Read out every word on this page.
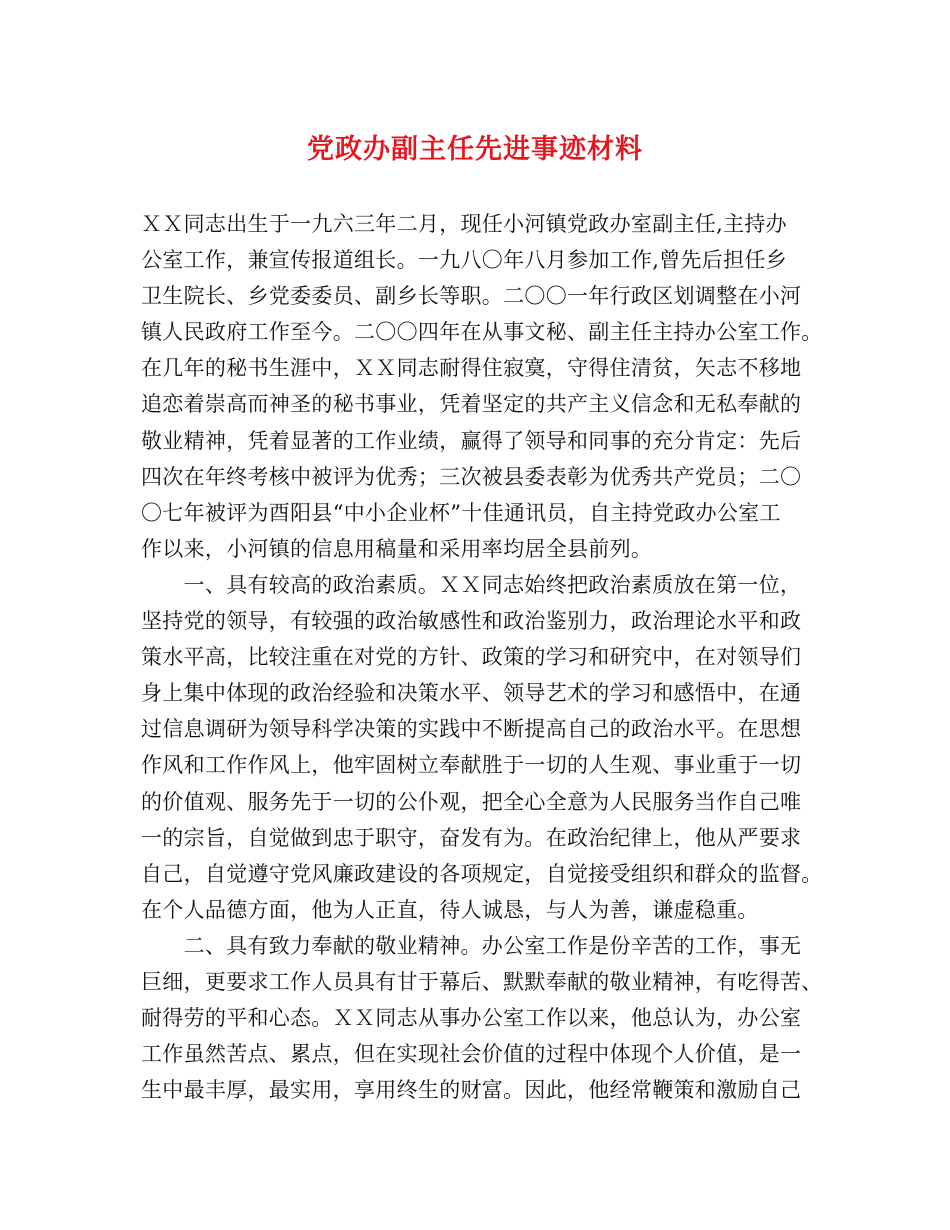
党政办副主任先进事迹材料
ＸＸ同志出生于一九六三年二月，现任小河镇党政办室副主任,主持办
公室工作，兼宣传报道组长。一九八〇年八月参加工作,曾先后担任乡
卫生院长、乡党委委员、副乡长等职。二〇〇一年行政区划调整在小河
镇人民政府工作至今。二〇〇四年在从事文秘、副主任主持办公室工作。
在几年的秘书生涯中，ＸＸ同志耐得住寂寞，守得住清贫，矢志不移地
追恋着崇高而神圣的秘书事业，凭着坚定的共产主义信念和无私奉献的
敬业精神，凭着显著的工作业绩，赢得了领导和同事的充分肯定：先后
四次在年终考核中被评为优秀；三次被县委表彰为优秀共产党员；二〇
〇七年被评为酉阳县“中小企业杯”十佳通讯员，自主持党政办公室工
作以来，小河镇的信息用稿量和采用率均居全县前列。
　　一、具有较高的政治素质。ＸＸ同志始终把政治素质放在第一位，
坚持党的领导，有较强的政治敏感性和政治鉴别力，政治理论水平和政
策水平高，比较注重在对党的方针、政策的学习和研究中，在对领导们
身上集中体现的政治经验和决策水平、领导艺术的学习和感悟中，在通
过信息调研为领导科学决策的实践中不断提高自己的政治水平。在思想
作风和工作作风上，他牢固树立奉献胜于一切的人生观、事业重于一切
的价值观、服务先于一切的公仆观，把全心全意为人民服务当作自己唯
一的宗旨，自觉做到忠于职守，奋发有为。在政治纪律上，他从严要求
自己，自觉遵守党风廉政建设的各项规定，自觉接受组织和群众的监督。
在个人品德方面，他为人正直，待人诚恳，与人为善，谦虚稳重。
　　二、具有致力奉献的敬业精神。办公室工作是份辛苦的工作，事无
巨细，更要求工作人员具有甘于幕后、默默奉献的敬业精神，有吃得苦、
耐得劳的平和心态。ＸＸ同志从事办公室工作以来，他总认为，办公室
工作虽然苦点、累点，但在实现社会价值的过程中体现个人价值，是一
生中最丰厚，最实用，享用终生的财富。因此，他经常鞭策和激励自己
